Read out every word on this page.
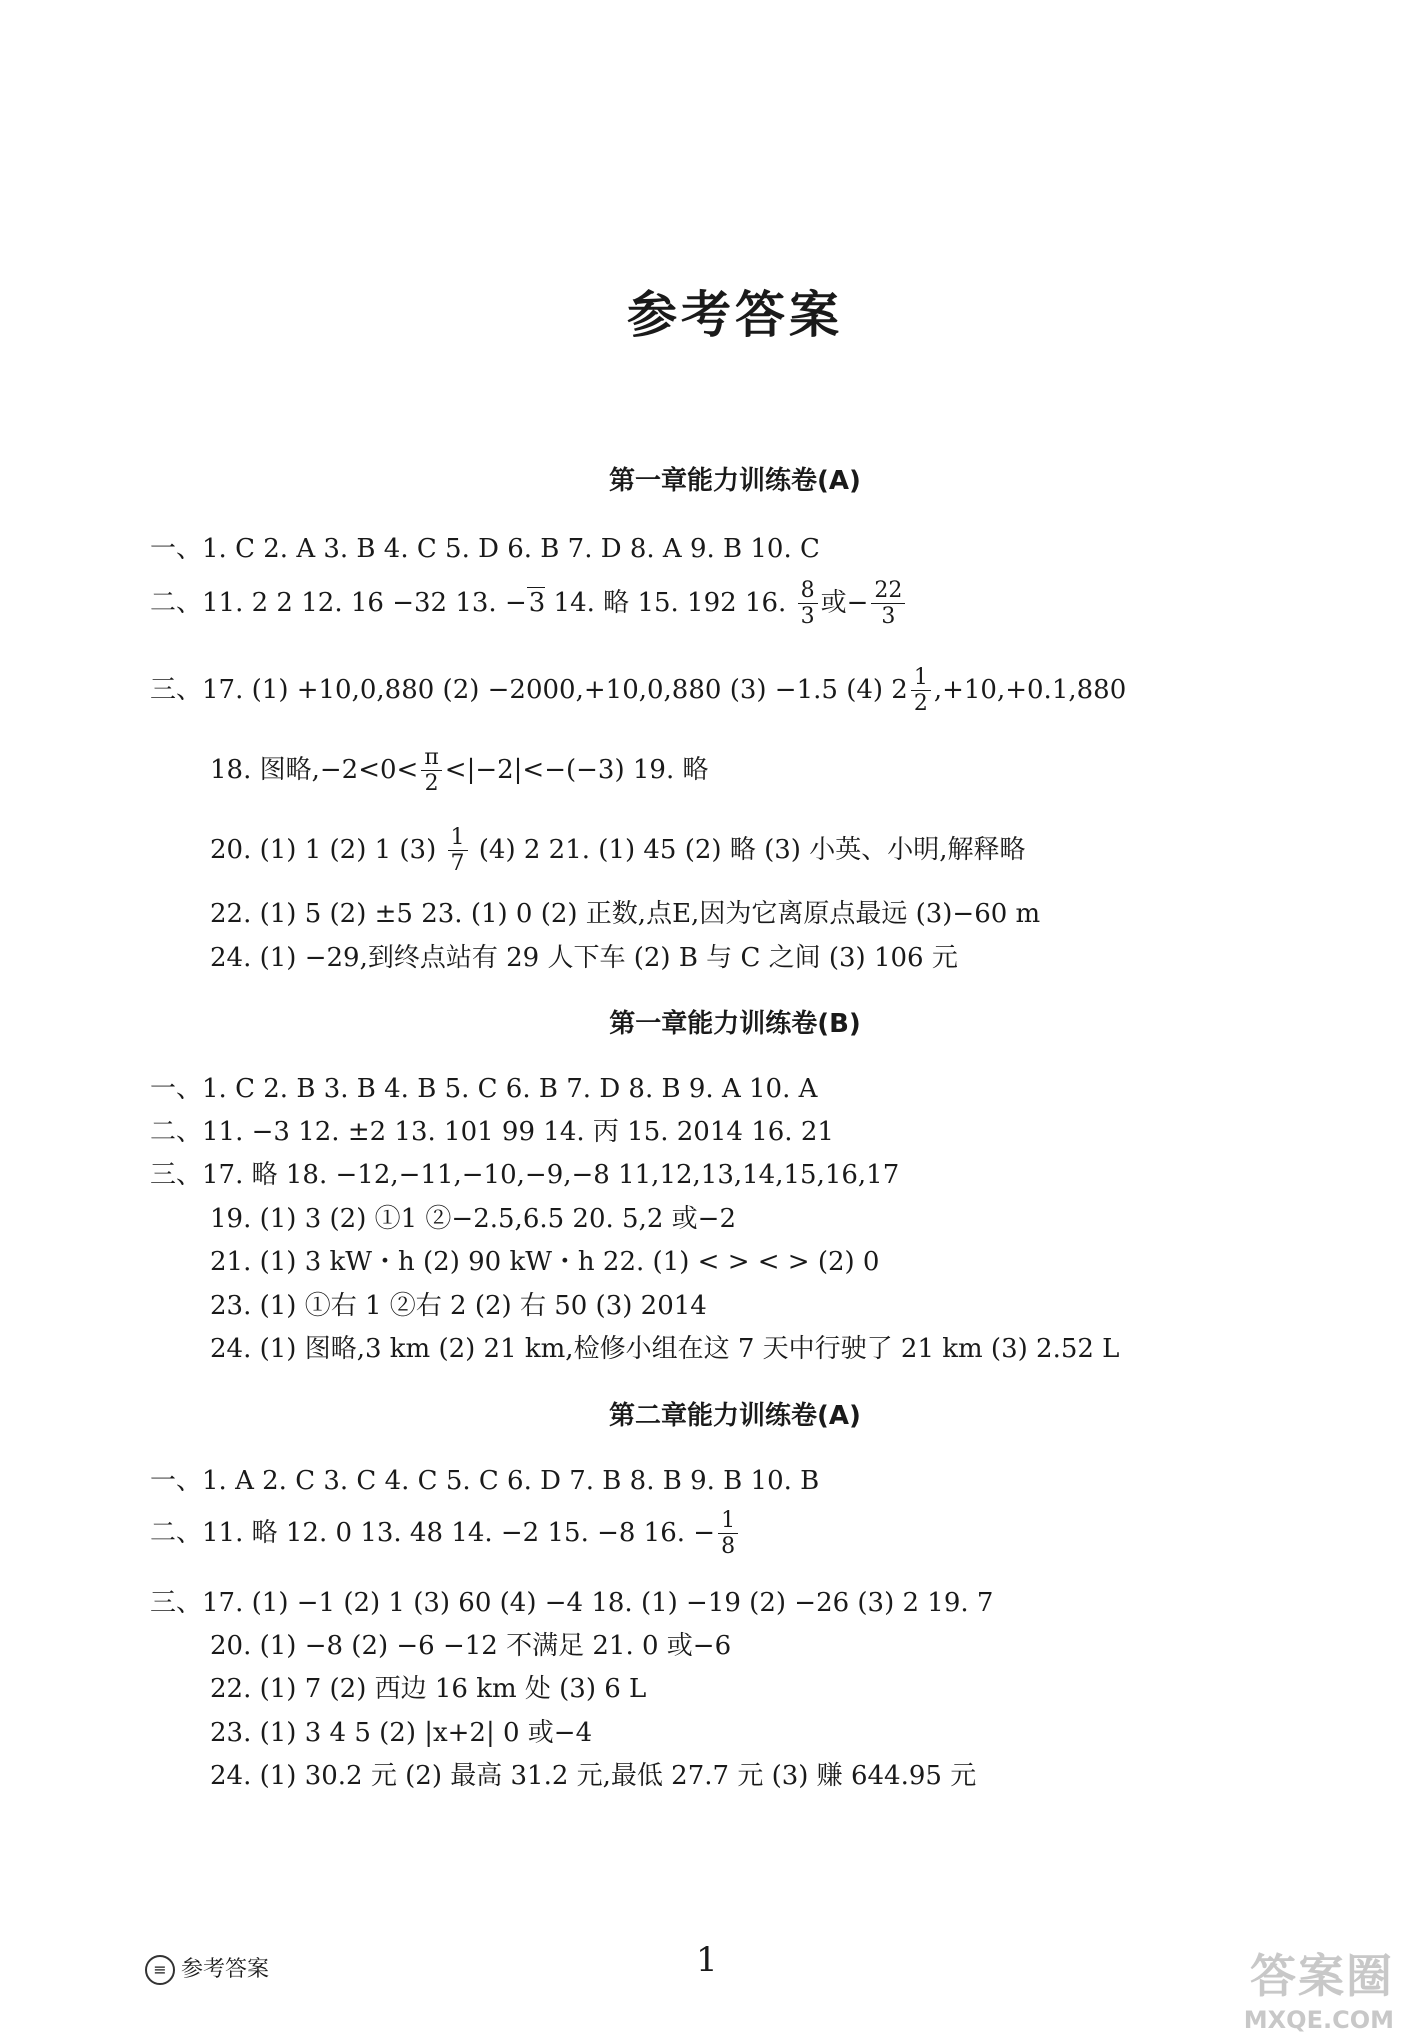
参考答案
第一章能力训练卷(A)
一、1. C 2. A 3. B 4. C 5. D 6. B 7. D 8. A 9. B 10. C
二、11. 2 2 12. 16 −32 13. −3 14. 略 15. 192 16. $\frac{8}{3}$ 或− $\frac{22}{3}$
三、17. (1) +10,0,880 (2) −2000,+10,0,880 (3) −1.5 (4) $2 \frac{1}{2} ,+10,+0.1,880$
18. 图略$,-2<0< \frac{\pi}{2} <|-2|<-(-3)$ 19. 略
20. (1) 1 (2) 1 $(3) \frac{1}{7} (4)$ 2 21. (1) 45 (2) 略 (3) 小英、小明,解释略
22. (1) 5 (2) ±5 23. (1) 0 (2) 正数,点E,因为它离原点最远 (3)−60 m
24. (1) −29,到终点站有 29 人下车 (2) B 与 C 之间 (3) 106 元
第一章能力训练卷(B)
一、1. C 2. B 3. B 4. B 5. C 6. B 7. D 8. B 9. A 10. A
二、11. −3 12. ±2 13. 101 99 14. 丙 15. 2014 16. 21
三、17. 略 18. −12,−11,−10,−9,−8 11,12,13,14,15,16,17
19. (1) 3 (2) ①1 ②−2.5,6.5 20. 5,2 或−2
21. (1) 3 kW・h (2) 90 kW・h 22. (1) < > < > (2) 0
23. (1) ①右 1 ②右 2 (2) 右 50 (3) 2014
24. (1) 图略,3 km (2) 21 km,检修小组在这 7 天中行驶了 21 km (3) 2.52 L
第二章能力训练卷(A)
一、1. A 2. C 3. C 4. C 5. C 6. D 7. B 8. B 9. B 10. B
二、11. 略 12. 0 13. 48 14. −2 15. −8 16. − $\frac{1}{8}$
三、17. (1) −1 (2) 1 (3) 60 (4) −4 18. (1) −19 (2) −26 (3) 2 19. 7
20. (1) −8 (2) −6 −12 不满足 21. 0 或−6
22. (1) 7 (2) 西边 16 km 处 (3) 6 L
23. (1) 3 4 5 (2) |x+2| 0 或−4
24. (1) 30.2 元 (2) 最高 31.2 元,最低 27.7 元 (3) 赚 644.95 元
≡ 参考答案	1	答案圈
MXQE.COM
